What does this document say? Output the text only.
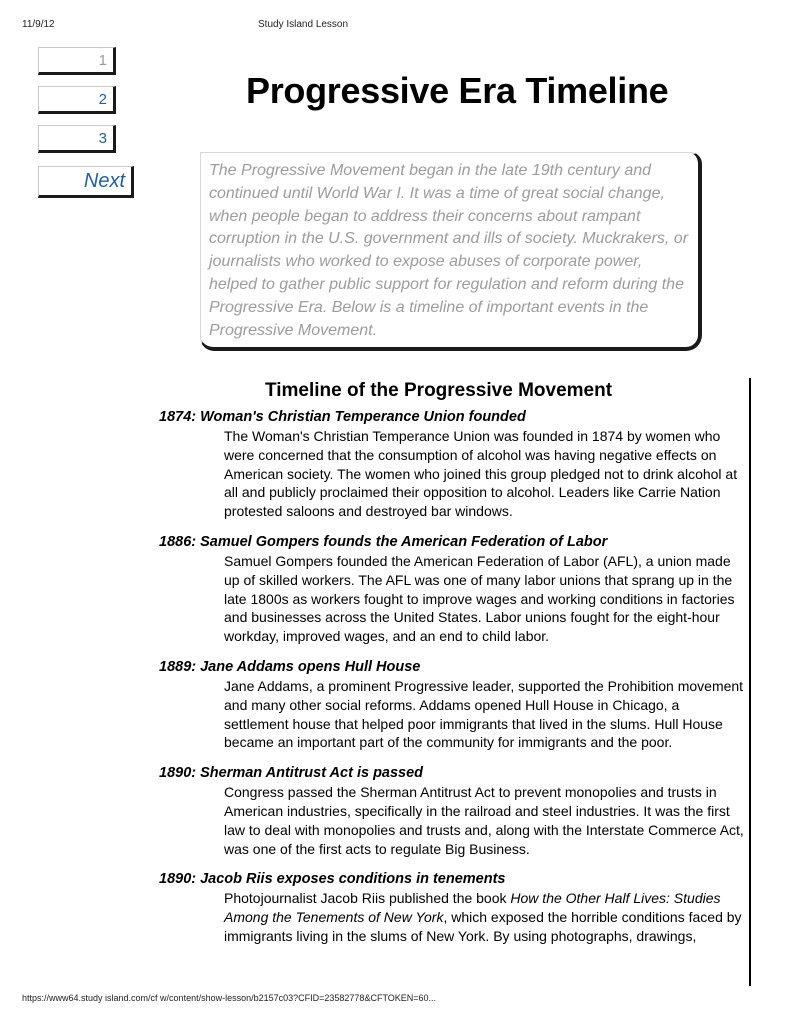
11/9/12	Study Island Lesson
1
2
3
Next
Progressive Era Timeline

The Progressive Movement began in the late 19th century and continued until World War I. It was a time of great social change, when people began to address their concerns about rampant corruption in the U.S. government and ills of society. Muckrakers, or journalists who worked to expose abuses of corporate power, helped to gather public support for regulation and reform during the Progressive Era. Below is a timeline of important events in the Progressive Movement.

Timeline of the Progressive Movement

1874: Woman's Christian Temperance Union founded

The Woman's Christian Temperance Union was founded in 1874 by women who were concerned that the consumption of alcohol was having negative effects on American society. The women who joined this group pledged not to drink alcohol at all and publicly proclaimed their opposition to alcohol. Leaders like Carrie Nation protested saloons and destroyed bar windows.

1886: Samuel Gompers founds the American Federation of Labor

Samuel Gompers founded the American Federation of Labor (AFL), a union made up of skilled workers. The AFL was one of many labor unions that sprang up in the late 1800s as workers fought to improve wages and working conditions in factories and businesses across the United States. Labor unions fought for the eight-hour workday, improved wages, and an end to child labor.

1889: Jane Addams opens Hull House

Jane Addams, a prominent Progressive leader, supported the Prohibition movement and many other social reforms. Addams opened Hull House in Chicago, a settlement house that helped poor immigrants that lived in the slums. Hull House became an important part of the community for immigrants and the poor.

1890: Sherman Antitrust Act is passed

Congress passed the Sherman Antitrust Act to prevent monopolies and trusts in American industries, specifically in the railroad and steel industries. It was the first law to deal with monopolies and trusts and, along with the Interstate Commerce Act, was one of the first acts to regulate Big Business.

1890: Jacob Riis exposes conditions in tenements

Photojournalist Jacob Riis published the book How the Other Half Lives: Studies Among the Tenements of New York, which exposed the horrible conditions faced by immigrants living in the slums of New York. By using photographs, drawings,

https://www64.study island.com/cf w/content/show-lesson/b2157c03?CFID=23582778&CFTOKEN=60...
